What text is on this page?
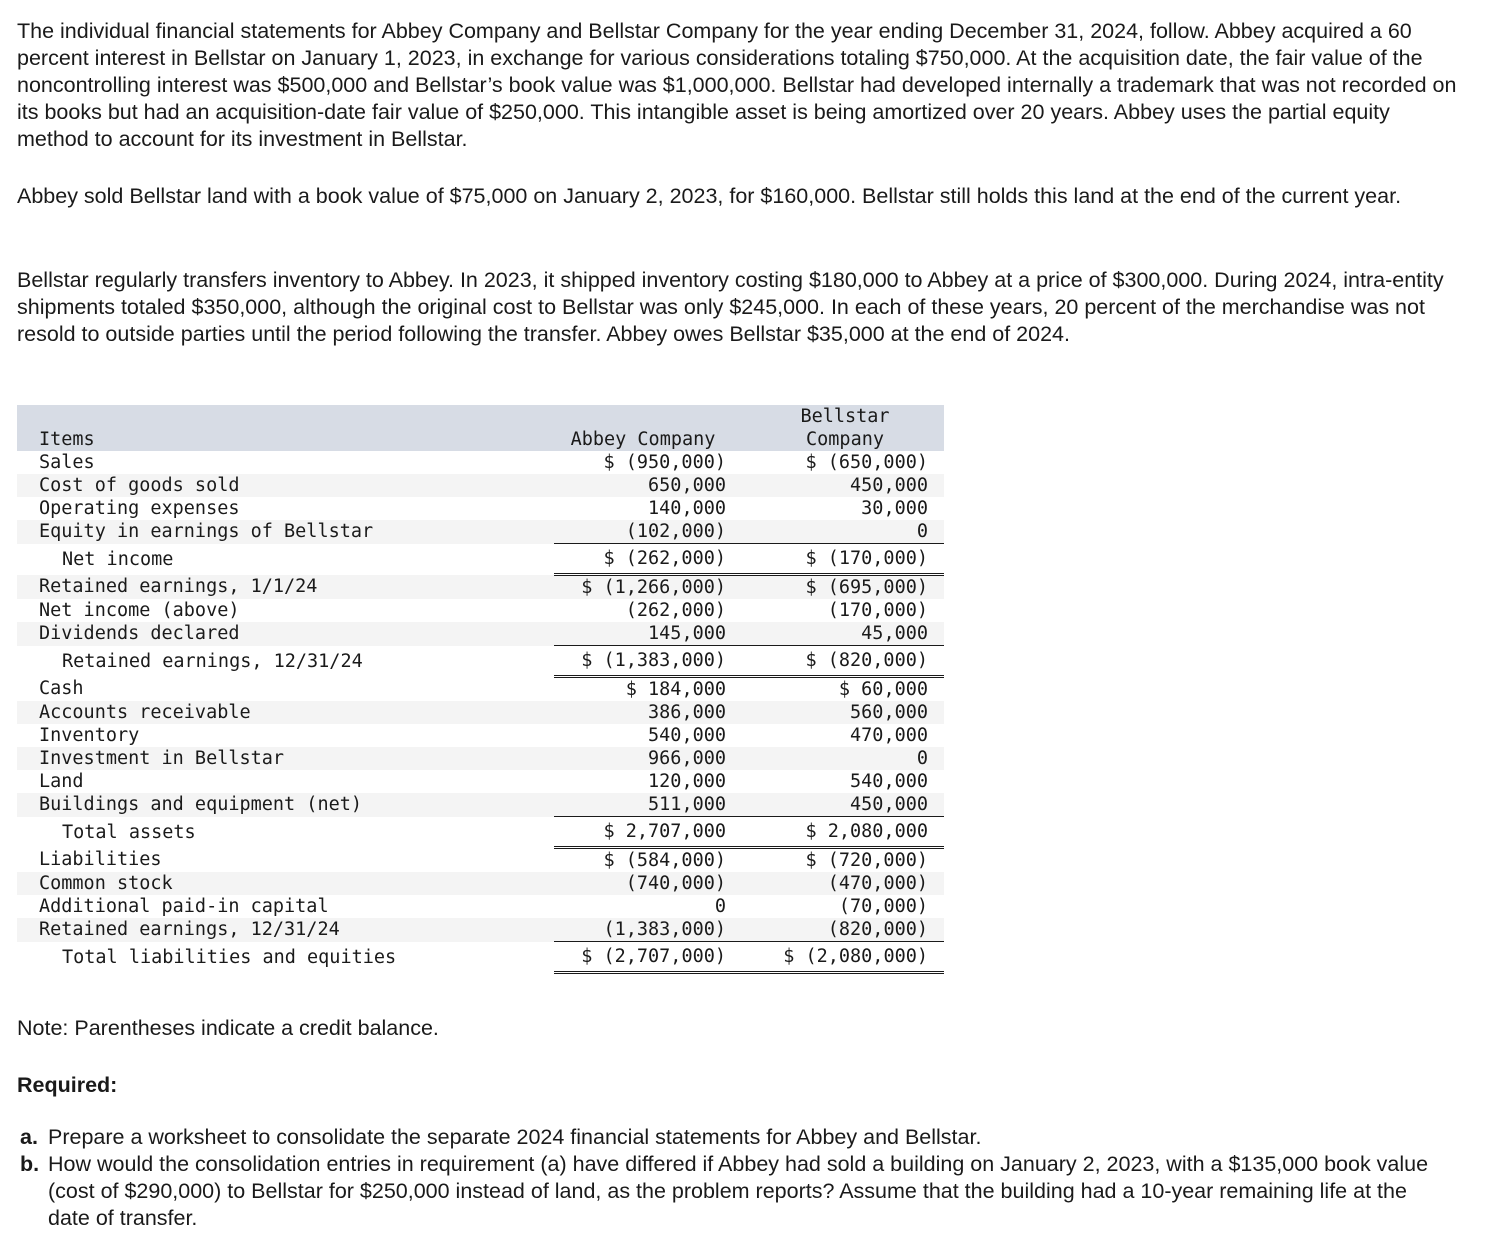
The individual financial statements for Abbey Company and Bellstar Company for the year ending December 31, 2024, follow. Abbey acquired a 60 percent interest in Bellstar on January 1, 2023, in exchange for various considerations totaling $750,000. At the acquisition date, the fair value of the noncontrolling interest was $500,000 and Bellstar’s book value was $1,000,000. Bellstar had developed internally a trademark that was not recorded on its books but had an acquisition-date fair value of $250,000. This intangible asset is being amortized over 20 years. Abbey uses the partial equity method to account for its investment in Bellstar.

Abbey sold Bellstar land with a book value of $75,000 on January 2, 2023, for $160,000. Bellstar still holds this land at the end of the current year.

Bellstar regularly transfers inventory to Abbey. In 2023, it shipped inventory costing $180,000 to Abbey at a price of $300,000. During 2024, intra-entity shipments totaled $350,000, although the original cost to Bellstar was only $245,000. In each of these years, 20 percent of the merchandise was not resold to outside parties until the period following the transfer. Abbey owes Bellstar $35,000 at the end of 2024.

Items	Abbey Company		Bellstar
Company

Sales	$ (950,000)		$ (650,000)
Cost of goods sold	650,000		450,000
Operating expenses	140,000		30,000
Equity in earnings of Bellstar	(102,000)		0
Net income	$ (262,000)		$ (170,000)
Retained earnings, 1/1/24	$ (1,266,000)		$ (695,000)
Net income (above)	(262,000)		(170,000)
Dividends declared	145,000		45,000
Retained earnings, 12/31/24	$ (1,383,000)		$ (820,000)
Cash	$ 184,000		$ 60,000
Accounts receivable	386,000		560,000
Inventory	540,000		470,000
Investment in Bellstar	966,000		0
Land	120,000		540,000
Buildings and equipment (net)	511,000		450,000
Total assets	$ 2,707,000		$ 2,080,000
Liabilities	$ (584,000)		$ (720,000)
Common stock	(740,000)		(470,000)
Additional paid-in capital	0		(70,000)
Retained earnings, 12/31/24	(1,383,000)		(820,000)
Total liabilities and equities	$ (2,707,000)		$ (2,080,000)

Note: Parentheses indicate a credit balance.

Required:

a. Prepare a worksheet to consolidate the separate 2024 financial statements for Abbey and Bellstar.
b. How would the consolidation entries in requirement (a) have differed if Abbey had sold a building on January 2, 2023, with a $135,000 book value (cost of $290,000) to Bellstar for $250,000 instead of land, as the problem reports? Assume that the building had a 10-year remaining life at the date of transfer.
